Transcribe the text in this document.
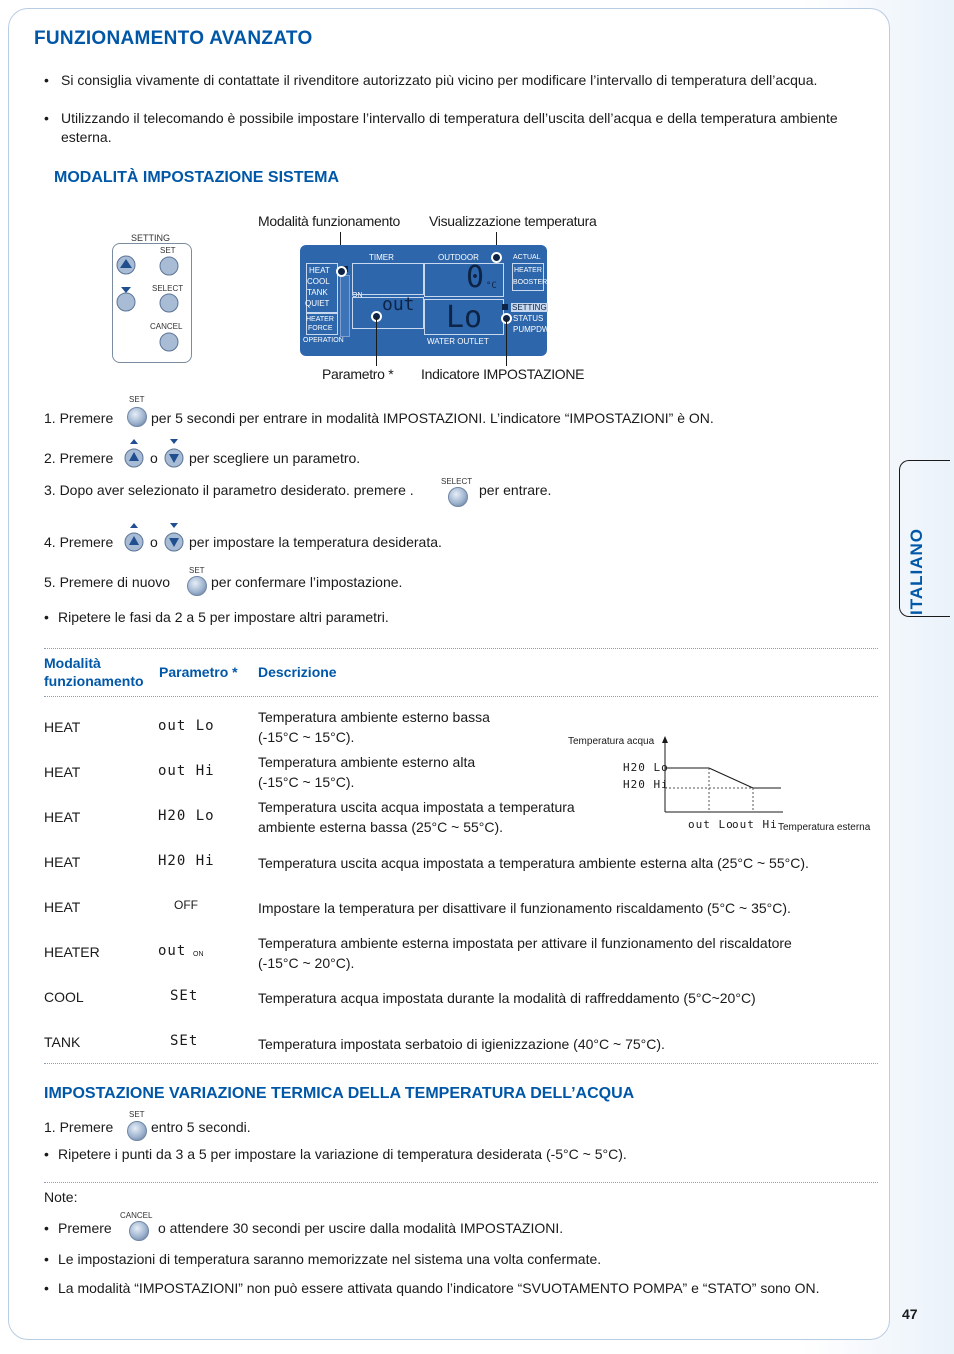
FUNZIONAMENTO AVANZATO
• Si consiglia vivamente di contattate il rivenditore autorizzato più vicino per modificare l’intervallo di temperatura dell’acqua.
• Utilizzando il telecomando è possibile impostare l’intervallo di temperatura dell’uscita dell’acqua e della temperatura ambiente esterna.
MODALITÀ IMPOSTAZIONE SISTEMA
SETTING
SET
SELECT
CANCEL
Modalità funzionamento Visualizzazione temperatura
TIMER	OUTDOOR	ACTUAL
HEAT
COOL
TANK
QUIET
HEATER
FORCE
OPERATION
ON out
0 °C
Lo
WATER OUTLET
HEATER
BOOSTER
SETTING
STATUS
PUMPDW
Parametro * Indicatore IMPOSTAZIONE
1. Premere
SET
per 5 secondi per entrare in modalità IMPOSTAZIONI. L’indicatore “IMPOSTAZIONI” è ON.
2. Premere	o per scegliere un parametro.
3. Dopo aver selezionato il parametro desiderato. premere .
SELECT
per entrare.
4. Premere	o per impostare la temperatura desiderata.
5. Premere di nuovo
SET
per confermare l’impostazione.
• Ripetere le fasi da 2 a 5 per impostare altri parametri.
Modalità
funzionamento
Parametro * Descrizione
HEAT	out Lo
Temperatura ambiente esterno bassa
(-15°C ~ 15°C).
HEAT	out Hi
Temperatura ambiente esterno alta
(-15°C ~ 15°C).
HEAT	H20 Lo
Temperatura uscita acqua impostata a temperatura
ambiente esterna bassa (25°C ~ 55°C).
HEAT	H20 Hi	Temperatura uscita acqua impostata a temperatura ambiente esterna alta (25°C ~ 55°C).
HEAT	OFF	Impostare la temperatura per disattivare il funzionamento riscaldamento (5°C ~ 35°C).
HEATER	out ON
Temperatura ambiente esterna impostata per attivare il funzionamento del riscaldatore
(-15°C ~ 20°C).
COOL	SEt	Temperatura acqua impostata durante la modalità di raffreddamento (5°C~20°C)
TANK	SEt	Temperatura impostata serbatoio di igienizzazione (40°C ~ 75°C).
Temperatura acqua
Temperatura esterna
H20 Lo
H20 Hi
out Lo
out Hi
IMPOSTAZIONE VARIAZIONE TERMICA DELLA TEMPERATURA DELL’ACQUA
1. Premere
SET
entro 5 secondi.
• Ripetere i punti da 3 a 5 per impostare la variazione di temperatura desiderata (-5°C ~ 5°C).
Note:
• Premere
CANCEL
o attendere 30 secondi per uscire dalla modalità IMPOSTAZIONI.
• Le impostazioni di temperatura saranno memorizzate nel sistema una volta confermate.
• La modalità “IMPOSTAZIONI” non può essere attivata quando l’indicatore “SVUOTAMENTO POMPA” e “STATO” sono ON.
ITALIANO
47
